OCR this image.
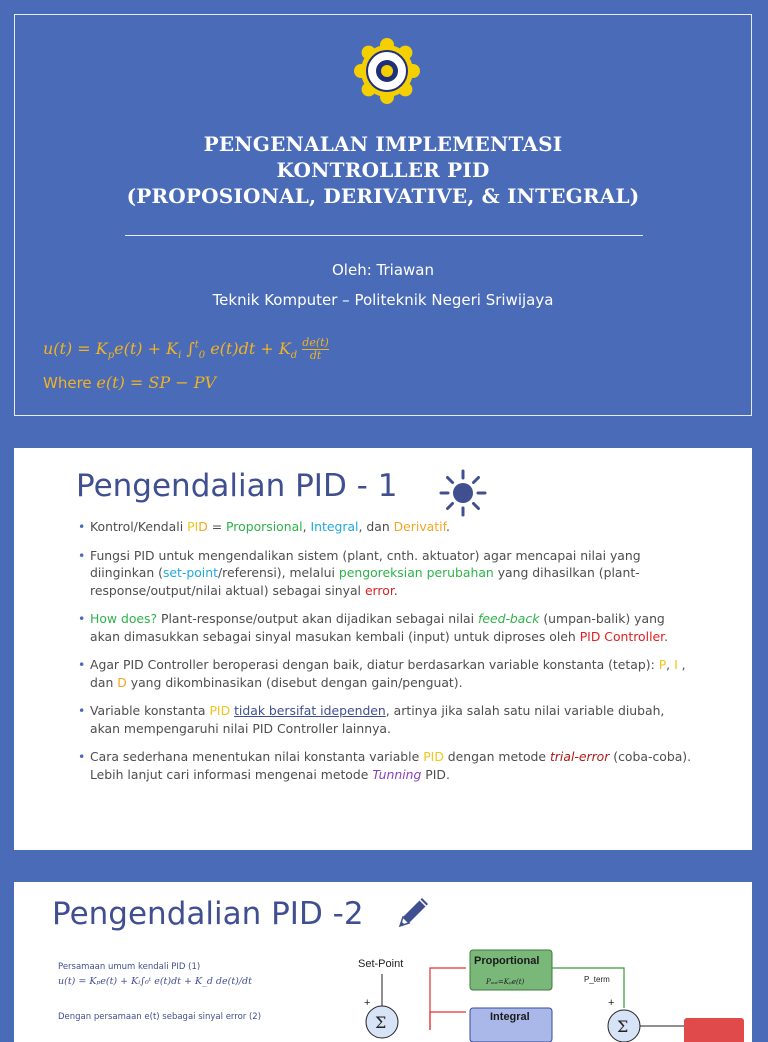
PENGENALAN IMPLEMENTASI
KONTROLLER PID
(PROPOSIONAL, DERIVATIVE, & INTEGRAL)
Oleh: Triawan
Teknik Komputer – Politeknik Negeri Sriwijaya
$u(t) = K_pe(t) + K_i$ ∫$^t_0$ $e(t)dt + K_d \frac{de(t)}{dt}$
Where e(t) = SP − PV
Pengendalian PID - 1
• Kontrol/Kendali PID = Proporsional, Integral, dan Derivatif.
• Fungsi PID untuk mengendalikan sistem (plant, cnth. aktuator) agar mencapai nilai yang diinginkan (set-point/referensi), melalui pengoreksian perubahan yang dihasilkan (plant-response/output/nilai aktual) sebagai sinyal error.
• How does? Plant-response/output akan dijadikan sebagai nilai feed-back (umpan-balik) yang akan dimasukkan sebagai sinyal masukan kembali (input) untuk diproses oleh PID Controller.
• Agar PID Controller beroperasi dengan baik, diatur berdasarkan variable konstanta (tetap): P, I , dan D yang dikombinasikan (disebut dengan gain/penguat).
• Variable konstanta PID tidak bersifat idependen, artinya jika salah satu nilai variable diubah, akan mempengaruhi nilai PID Controller lainnya.
• Cara sederhana menentukan nilai konstanta variable PID dengan metode trial-error (coba-coba). Lebih lanjut cari informasi mengenai metode Tunning PID.
Pengendalian PID -2
Persamaan umum kendali PID (1)
u(t) = Kₚe(t) + Kᵢ∫₀ᵗ e(t)dt + K_d de(t)/dt
Dengan persamaan e(t) sebagai sinyal error (2)
Set-Point
+
Σ
Proportional
Pₒᵤₜ=Kₚe(t)
Integral
P_term
+
Σ
